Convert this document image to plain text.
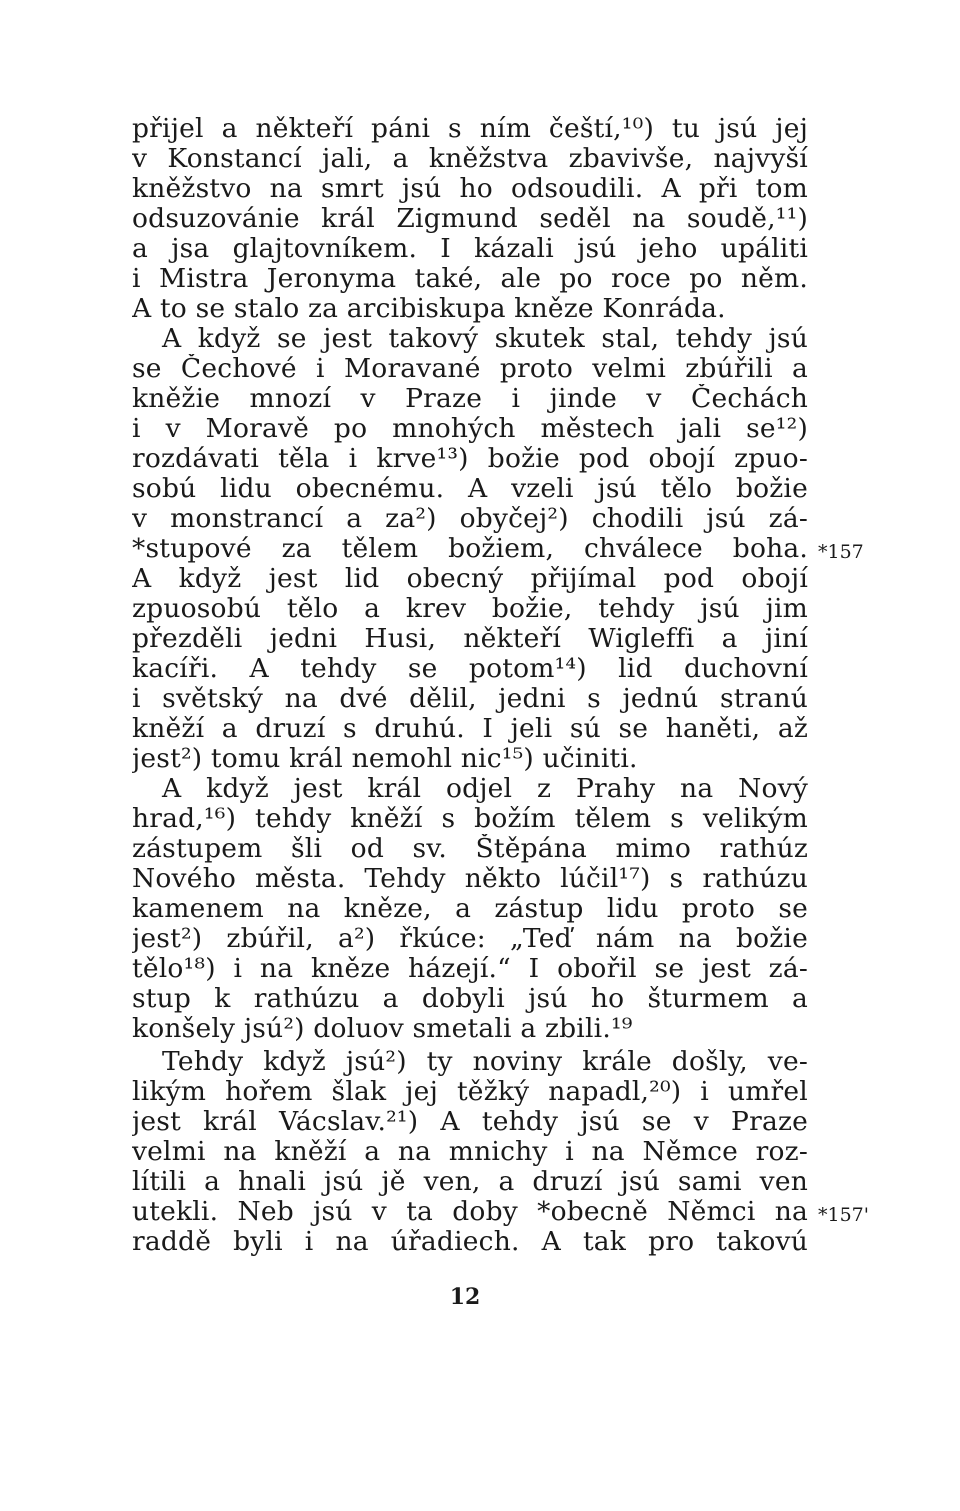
přijel a někteří páni s ním čeští,¹⁰) tu jsú jej
v Konstancí jali, a kněžstva zbavivše, najvyší
kněžstvo na smrt jsú ho odsoudili. A při tom
odsuzovánie král Zigmund seděl na soudě,¹¹)
a jsa glajtovníkem. I kázali jsú jeho upáliti
i Mistra Jeronyma také, ale po roce po něm.
A to se stalo za arcibiskupa kněze Konráda.
A když se jest takový skutek stal, tehdy jsú
se Čechové i Moravané proto velmi zbúřili a
kněžie mnozí v Praze i jinde v Čechách
i v Moravě po mnohých městech jali se¹²)
rozdávati těla i krve¹³) božie pod obojí zpuo-
sobú lidu obecnému. A vzeli jsú tělo božie
v monstrancí a za²) obyčej²) chodili jsú zá-
*stupové za tělem božiem, chválece boha.
A když jest lid obecný přijímal pod obojí
zpuosobú tělo a krev božie, tehdy jsú jim
přezděli jedni Husi, někteří Wigleffi a jiní
kacíři. A tehdy se potom¹⁴) lid duchovní
i světský na dvé dělil, jedni s jednú stranú
kněží a druzí s druhú. I jeli sú se haněti, až
jest²) tomu král nemohl nic¹⁵) učiniti.
A když jest král odjel z Prahy na Nový
hrad,¹⁶) tehdy kněží s božím tělem s velikým
zástupem šli od sv. Štěpána mimo rathúz
Nového města. Tehdy někto lúčil¹⁷) s rathúzu
kamenem na kněze, a zástup lidu proto se
jest²) zbúřil, a²) řkúce: „Teď nám na božie
tělo¹⁸) i na kněze házejí.“ I obořil se jest zá-
stup k rathúzu a dobyli jsú ho šturmem a
konšely jsú²) doluov smetali a zbili.¹⁹
Tehdy když jsú²) ty noviny krále došly, ve-
likým hořem šlak jej těžký napadl,²⁰) i umřel
jest král Vácslav.²¹) A tehdy jsú se v Praze
velmi na kněží a na mnichy i na Němce roz-
lítili a hnali jsú jě ven, a druzí jsú sami ven
utekli. Neb jsú v ta doby *obecně Němci na
raddě byli i na úřadiech. A tak pro takovú
*157
*157'
12
